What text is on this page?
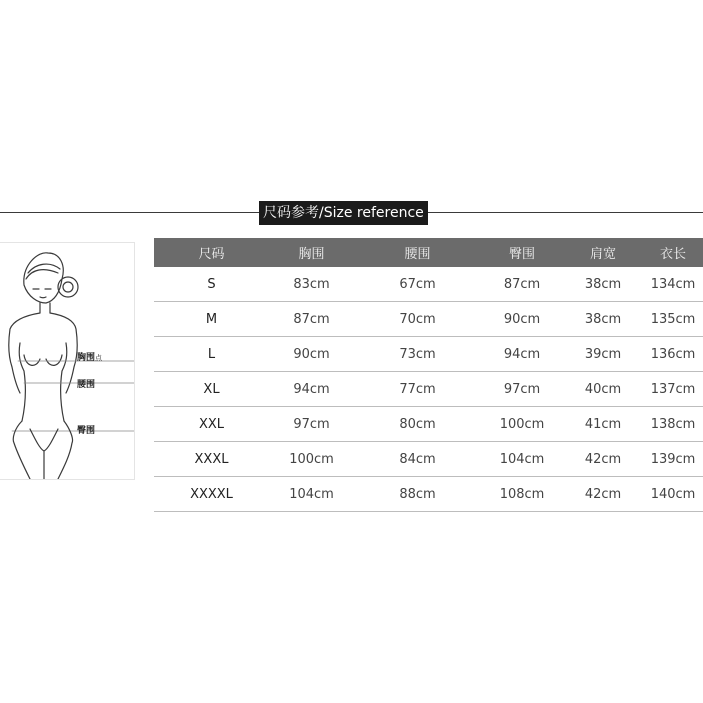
尺码参考/Size reference
胸围点
腰围
臀围
尺码	胸围	腰围	臀围	肩宽	衣长
S	83cm	67cm	87cm	38cm	134cm
M	87cm	70cm	90cm	38cm	135cm
L	90cm	73cm	94cm	39cm	136cm
XL	94cm	77cm	97cm	40cm	137cm
XXL	97cm	80cm	100cm	41cm	138cm
XXXL	100cm	84cm	104cm	42cm	139cm
XXXXL	104cm	88cm	108cm	42cm	140cm
